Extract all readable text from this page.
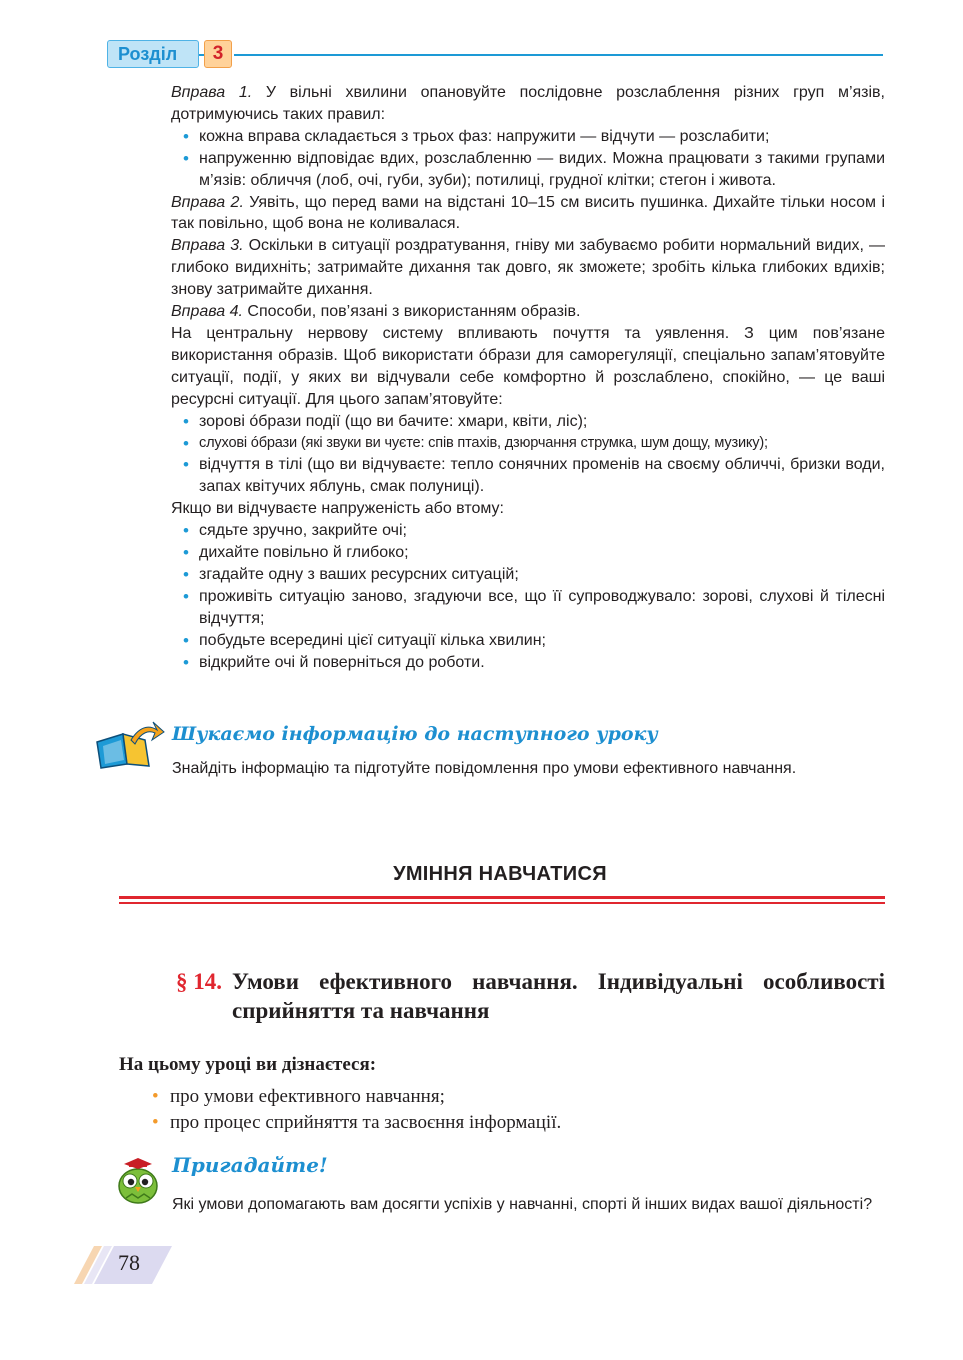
Розділ	3

Вправа 1. У вільні хвилини опановуйте послідовне розслаблення різних груп м’язів, дотримуючись таких правил:

• кожна вправа складається з трьох фаз: напружити — відчути — розслабити;
• напруженню відповідає вдих, розслабленню — видих. Можна працювати з такими групами м’язів: обличчя (лоб, очі, губи, зуби); потилиці, грудної клітки; стегон і живота.

Вправа 2. Уявіть, що перед вами на відстані 10–15 см висить пушинка. Дихайте тільки носом і так повільно, щоб вона не коливалася.

Вправа 3. Оскільки в ситуації роздратування, гніву ми забуваємо робити нормальний видих, — глибоко видихніть; затримайте дихання так довго, як зможете; зробіть кілька глибоких вдихів; знову затримайте дихання.

Вправа 4. Способи, пов’язані з використанням образів.

На центральну нервову систему впливають почуття та уявлення. З цим пов’язане використання образів. Щоб використати óбрази для саморегуляції, спеціально запам’ятовуйте ситуації, події, у яких ви відчували себе комфортно й розслаблено, спокійно, — це ваші ресурсні ситуації. Для цього запам’ятовуйте:

• зорові óбрази події (що ви бачите: хмари, квіти, ліс);
• слухові óбрази (які звуки ви чуєте: спів птахів, дзюрчання струмка, шум дощу, музику);
• відчуття в тілі (що ви відчуваєте: тепло сонячних променів на своєму обличчі, бризки води, запах квітучих яблунь, смак полуниці).

Якщо ви відчуваєте напруженість або втому:

• сядьте зручно, закрийте очі;
• дихайте повільно й глибоко;
• згадайте одну з ваших ресурсних ситуацій;
• проживіть ситуацію заново, згадуючи все, що її супроводжувало: зорові, слухові й тілесні відчуття;
• побудьте всередині цієї ситуації кілька хвилин;
• відкрийте очі й поверніться до роботи.
Шукаємо інформацію до наступного уроку
Знайдіть інформацію та підготуйте повідомлення про умови ефективного навчання.
УМІННЯ НАВЧАТИСЯ
§ 14. Умови ефективного навчання. Індивідуальні особливості сприйняття та навчання
На цьому уроці ви дізнаєтеся:
• про умови ефективного навчання;
• про процес сприйняття та засвоєння інформації.
Пригадайте!
Які умови допомагають вам досягти успіхів у навчанні, спорті й інших видах вашої діяльності?
78
